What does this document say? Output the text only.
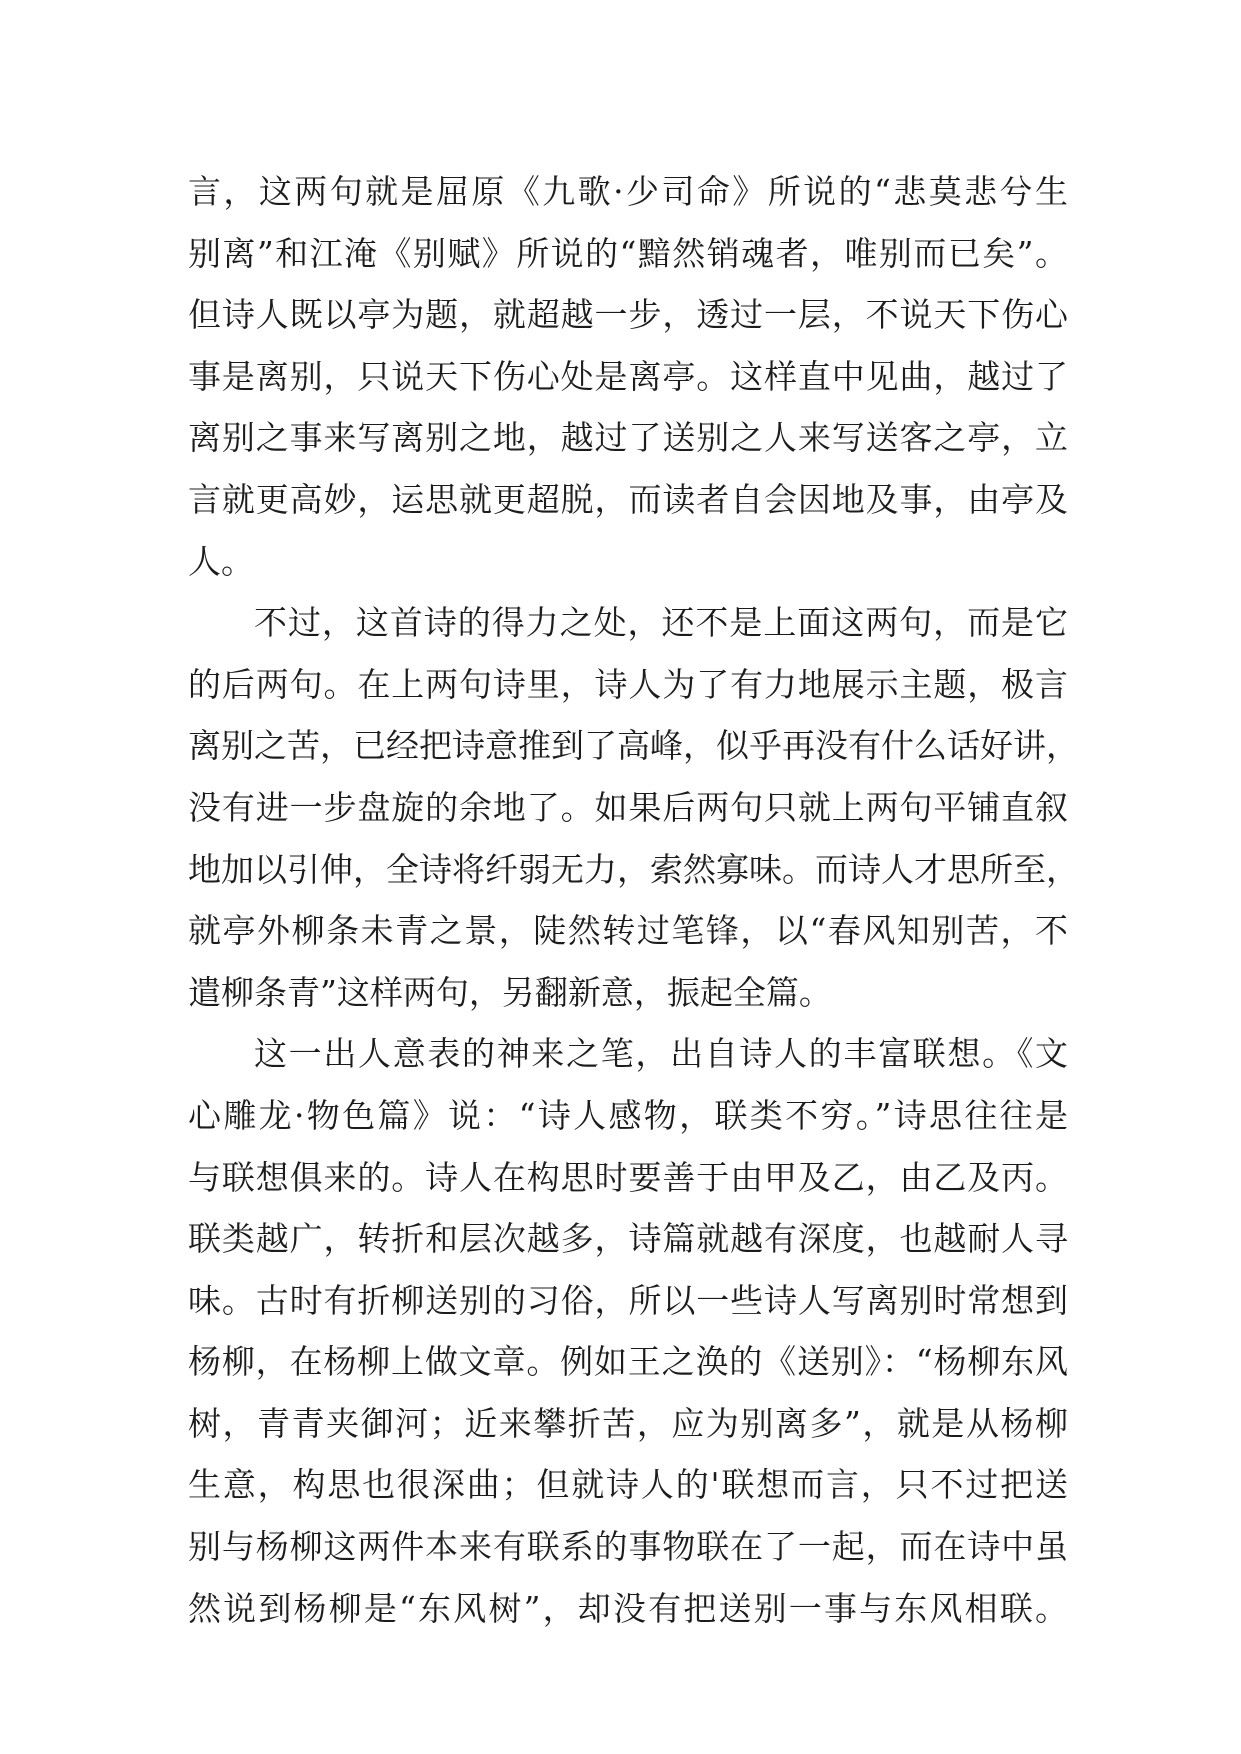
言，这两句就是屈原《九歌·少司命》所说的“悲莫悲兮生
别离”和江淹《别赋》所说的“黯然销魂者，唯别而已矣”。
但诗人既以亭为题，就超越一步，透过一层，不说天下伤心
事是离别，只说天下伤心处是离亭。这样直中见曲，越过了
离别之事来写离别之地，越过了送别之人来写送客之亭，立
言就更高妙，运思就更超脱，而读者自会因地及事，由亭及
人。
不过，这首诗的得力之处，还不是上面这两句，而是它
的后两句。在上两句诗里，诗人为了有力地展示主题，极言
离别之苦，已经把诗意推到了高峰，似乎再没有什么话好讲，
没有进一步盘旋的余地了。如果后两句只就上两句平铺直叙
地加以引伸，全诗将纤弱无力，索然寡味。而诗人才思所至，
就亭外柳条未青之景，陡然转过笔锋，以“春风知别苦，不
遣柳条青”这样两句，另翻新意，振起全篇。
这一出人意表的神来之笔，出自诗人的丰富联想。《文
心雕龙·物色篇》说：“诗人感物，联类不穷。”诗思往往是
与联想俱来的。诗人在构思时要善于由甲及乙，由乙及丙。
联类越广，转折和层次越多，诗篇就越有深度，也越耐人寻
味。古时有折柳送别的习俗，所以一些诗人写离别时常想到
杨柳，在杨柳上做文章。例如王之涣的《送别》：“杨柳东风
树，青青夹御河；近来攀折苦，应为别离多”，就是从杨柳
生意，构思也很深曲；但就诗人的'联想而言，只不过把送
别与杨柳这两件本来有联系的事物联在了一起，而在诗中虽
然说到杨柳是“东风树”，却没有把送别一事与东风相联。
